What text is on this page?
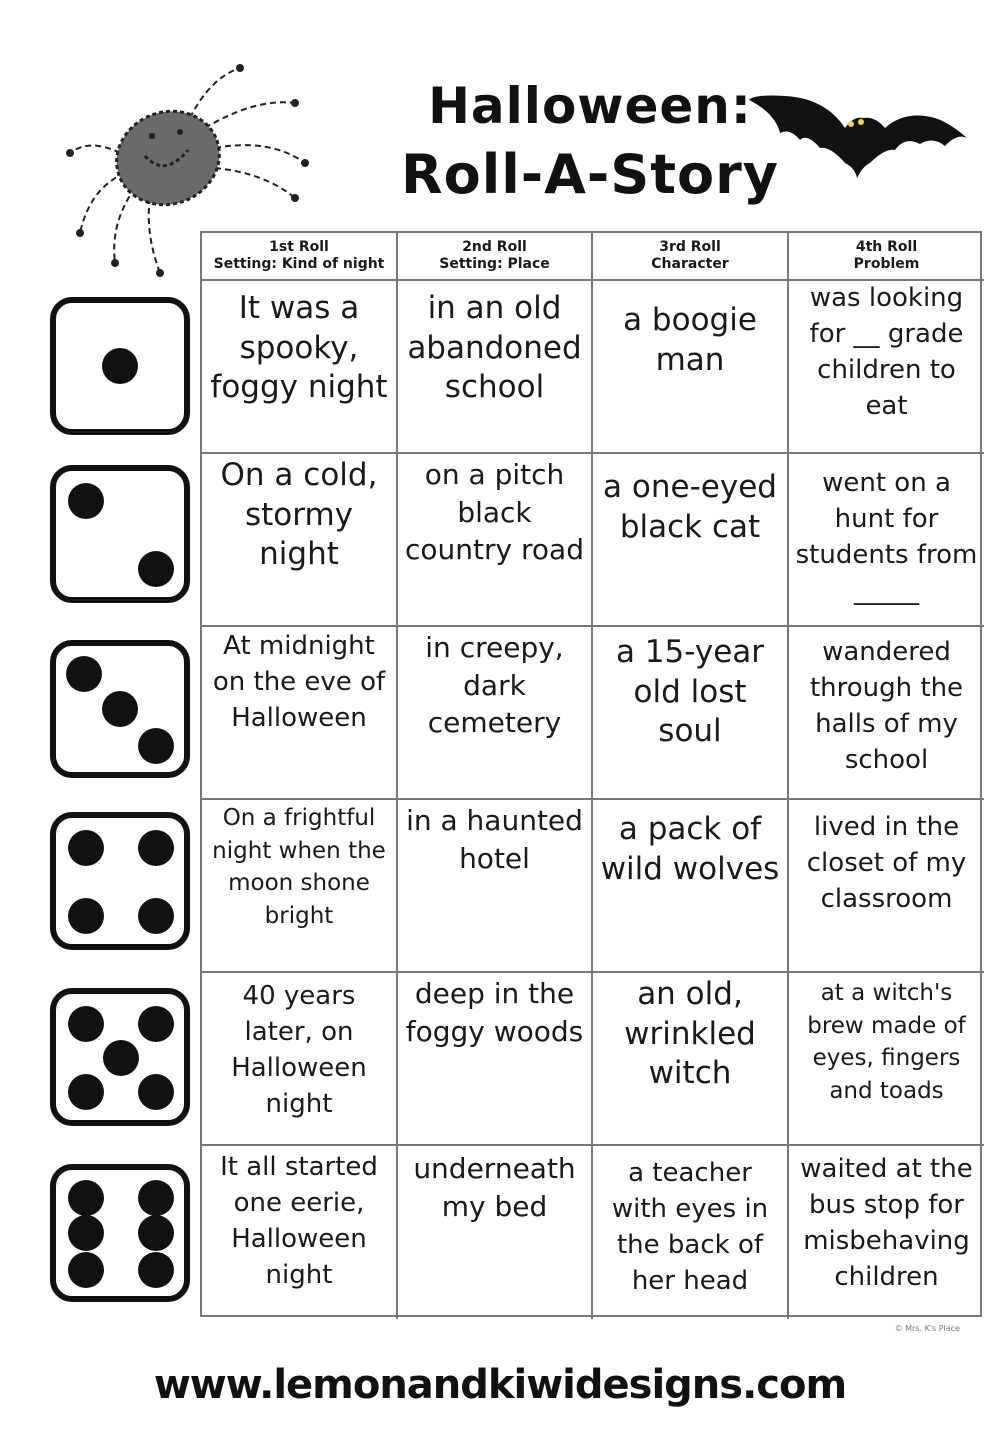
Halloween:
Roll-A-Story
1st Roll
Setting: Kind of night
2nd Roll
Setting: Place
3rd Roll
Character
4th Roll
Problem
It was a spooky, foggy night
in an old abandoned school
a boogie man
was looking for __ grade children to eat
On a cold, stormy night
on a pitch black country road
a one-eyed black cat
went on a hunt for students from _____
At midnight on the eve of Halloween
in creepy, dark cemetery
a 15-year old lost soul
wandered through the halls of my school
On a frightful night when the moon shone bright
in a haunted hotel
a pack of wild wolves
lived in the closet of my classroom
40 years later, on Halloween night
deep in the foggy woods
an old, wrinkled witch
at a witch's brew made of eyes, fingers and toads
It all started one eerie, Halloween night
underneath my bed
a teacher with eyes in the back of her head
waited at the bus stop for misbehaving children
© Mrs. K's Place
www.lemonandkiwidesigns.com
